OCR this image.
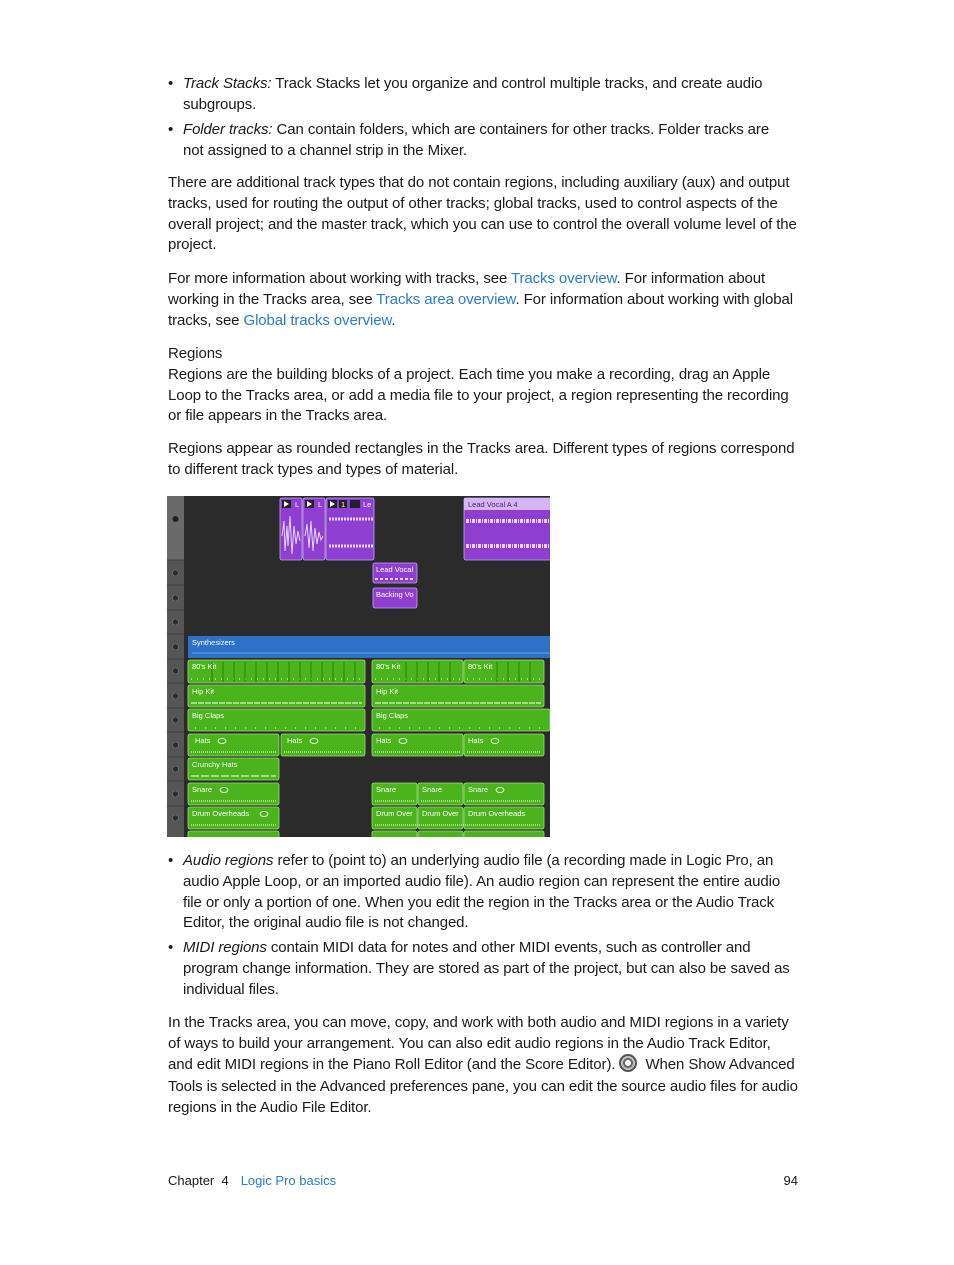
• Track Stacks: Track Stacks let you organize and control multiple tracks, and create audio subgroups.
• Folder tracks: Can contain folders, which are containers for other tracks. Folder tracks are not assigned to a channel strip in the Mixer.
There are additional track types that do not contain regions, including auxiliary (aux) and output tracks, used for routing the output of other tracks; global tracks, used to control aspects of the overall project; and the master track, which you can use to control the overall volume level of the project.
For more information about working with tracks, see Tracks overview. For information about working in the Tracks area, see Tracks area overview. For information about working with global tracks, see Global tracks overview.
Regions
Regions are the building blocks of a project. Each time you make a recording, drag an Apple Loop to the Tracks area, or add a media file to your project, a region representing the recording or file appears in the Tracks area.
Regions appear as rounded rectangles in the Tracks area. Different types of regions correspond to different track types and types of material.
L	L	1 Le	Lead Vocal A 4
Lead Vocal
Backing Vo
Synthesizers
80's Kit	80's Kit	80's Kit
Hip Kit	Hip Kit
Big Claps	Big Claps
Hats	Hats	Hats	Hats
Crunchy Hats
Snare	Snare	Snare	Snare
Drum Overheads	Drum Over Drum Over Drum Overheads
• Audio regions refer to (point to) an underlying audio file (a recording made in Logic Pro, an audio Apple Loop, or an imported audio file). An audio region can represent the entire audio file or only a portion of one. When you edit the region in the Tracks area or the Audio Track Editor, the original audio file is not changed.
• MIDI regions contain MIDI data for notes and other MIDI events, such as controller and program change information. They are stored as part of the project, but can also be saved as individual files.
In the Tracks area, you can move, copy, and work with both audio and MIDI regions in a variety of ways to build your arrangement. You can also edit audio regions in the Audio Track Editor, and edit MIDI regions in the Piano Roll Editor (and the Score Editor). When Show Advanced Tools is selected in the Advanced preferences pane, you can edit the source audio files for audio regions in the Audio File Editor.
Chapter  4 Logic Pro basics	94
